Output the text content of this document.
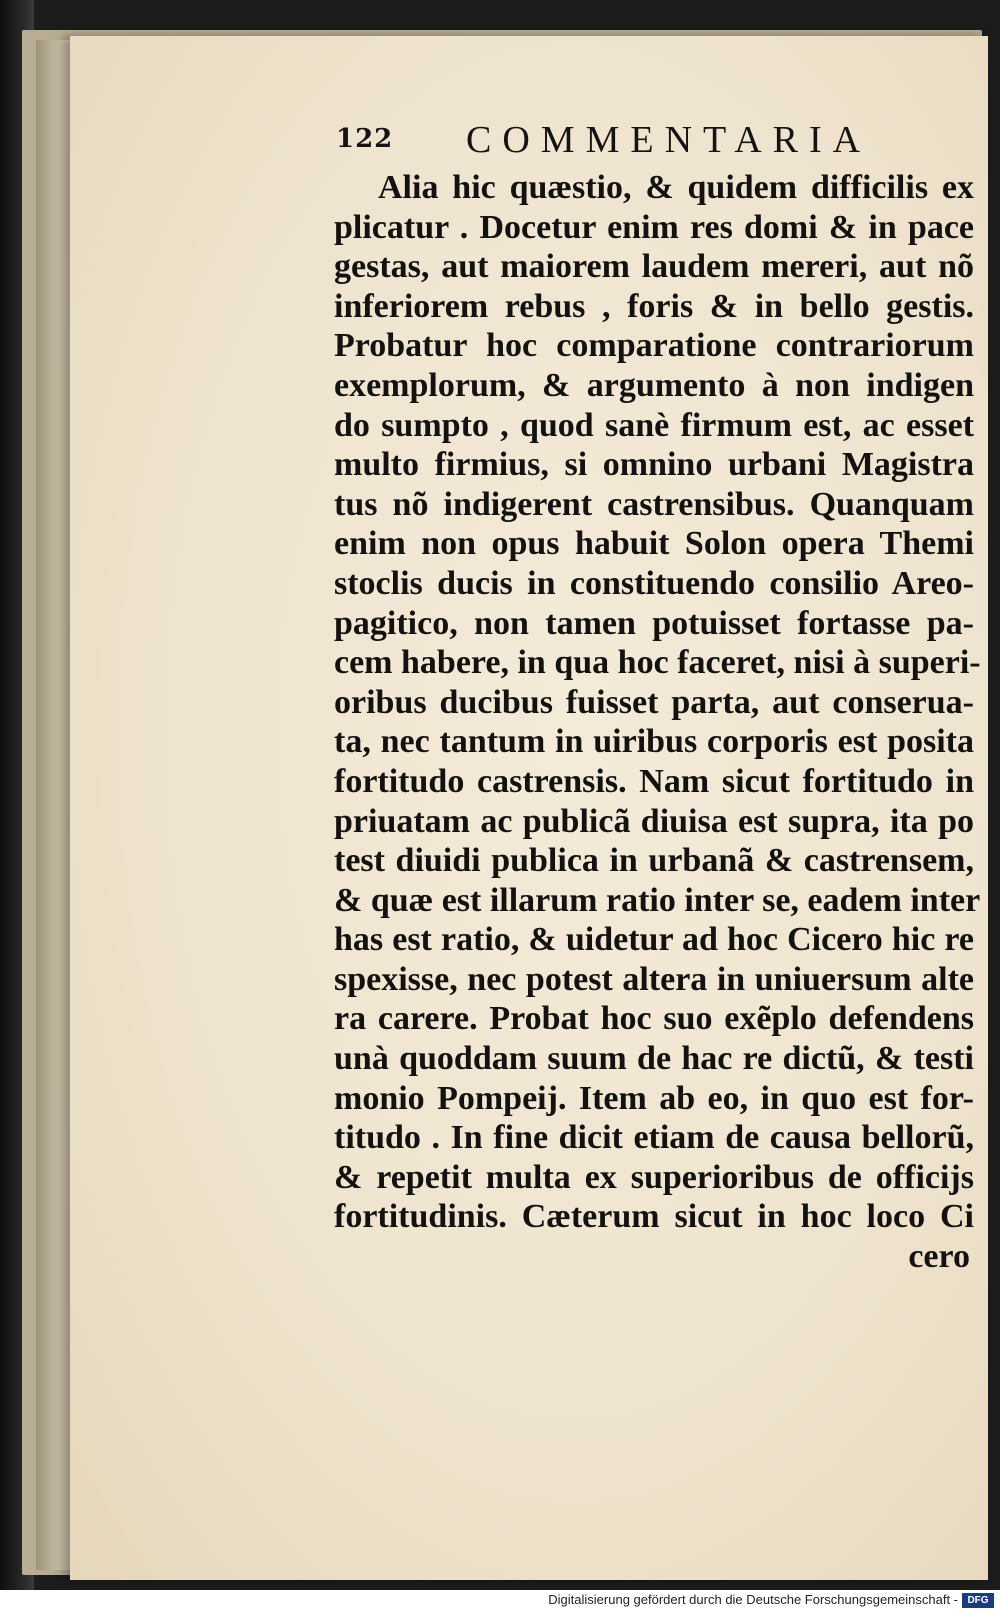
122 COMMENTARIA
Alia hic quæstio, & quidem difficilis ex
plicatur . Docetur enim res domi & in pace
gestas, aut maiorem laudem mereri, aut nõ
inferiorem rebus , foris & in bello gestis.
Probatur hoc comparatione contrariorum
exemplorum, & argumento à non indigen
do sumpto , quod sanè firmum est, ac esset
multo firmius, si omnino urbani Magistra
tus nõ indigerent castrensibus. Quanquam
enim non opus habuit Solon opera Themi
stoclis ducis in constituendo consilio Areo-
pagitico, non tamen potuisset fortasse pa-
cem habere, in qua hoc faceret, nisi à superi-
oribus ducibus fuisset parta, aut conserua-
ta, nec tantum in uiribus corporis est posita
fortitudo castrensis. Nam sicut fortitudo in
priuatam ac publicã diuisa est supra, ita po
test diuidi publica in urbanã & castrensem,
& quæ est illarum ratio inter se, eadem inter
has est ratio, & uidetur ad hoc Cicero hic re
spexisse, nec potest altera in uniuersum alte
ra carere. Probat hoc suo exẽplo defendens
unà quoddam suum de hac re dictũ, & testi
monio Pompeij. Item ab eo, in quo est for-
titudo . In fine dicit etiam de causa bellorũ,
& repetit multa ex superioribus de officijs
fortitudinis. Cæterum sicut in hoc loco Ci
cero
Digitalisierung gefördert durch die Deutsche Forschungsgemeinschaft - DFG
